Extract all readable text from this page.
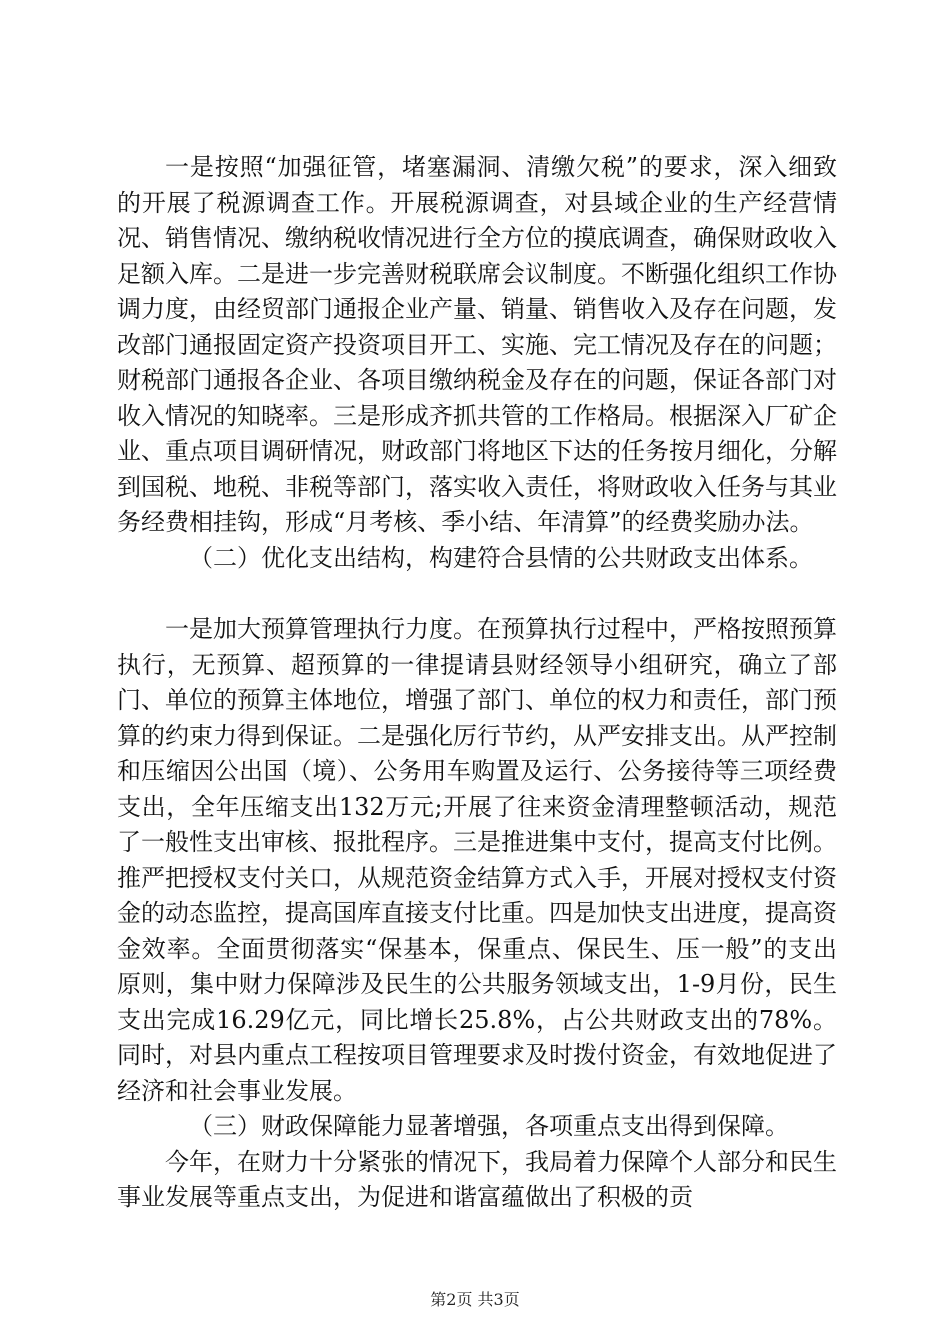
一是按照“加强征管，堵塞漏洞、清缴欠税”的要求，深入细致的开展了税源调查工作。开展税源调查，对县域企业的生产经营情况、销售情况、缴纳税收情况进行全方位的摸底调查，确保财政收入足额入库。二是进一步完善财税联席会议制度。不断强化组织工作协调力度，由经贸部门通报企业产量、销量、销售收入及存在问题，发改部门通报固定资产投资项目开工、实施、完工情况及存在的问题；财税部门通报各企业、各项目缴纳税金及存在的问题，保证各部门对收入情况的知晓率。三是形成齐抓共管的工作格局。根据深入厂矿企业、重点项目调研情况，财政部门将地区下达的任务按月细化，分解到国税、地税、非税等部门，落实收入责任，将财政收入任务与其业务经费相挂钩，形成“月考核、季小结、年清算”的经费奖励办法。

（二）优化支出结构，构建符合县情的公共财政支出体系。

一是加大预算管理执行力度。在预算执行过程中，严格按照预算执行，无预算、超预算的一律提请县财经领导小组研究，确立了部门、单位的预算主体地位，增强了部门、单位的权力和责任，部门预算的约束力得到保证。二是强化厉行节约，从严安排支出。从严控制和压缩因公出国（境）、公务用车购置及运行、公务接待等三项经费支出，全年压缩支出132万元;开展了往来资金清理整顿活动，规范了一般性支出审核、报批程序。三是推进集中支付，提高支付比例。推严把授权支付关口，从规范资金结算方式入手，开展对授权支付资金的动态监控，提高国库直接支付比重。四是加快支出进度，提高资金效率。全面贯彻落实“保基本，保重点、保民生、压一般”的支出原则，集中财力保障涉及民生的公共服务领域支出，1-9月份，民生支出完成16.29亿元，同比增长25.8%，占公共财政支出的78%。同时，对县内重点工程按项目管理要求及时拨付资金，有效地促进了经济和社会事业发展。

（三）财政保障能力显著增强，各项重点支出得到保障。

今年，在财力十分紧张的情况下，我局着力保障个人部分和民生事业发展等重点支出，为促进和谐富蕴做出了积极的贡

第2页 共3页
